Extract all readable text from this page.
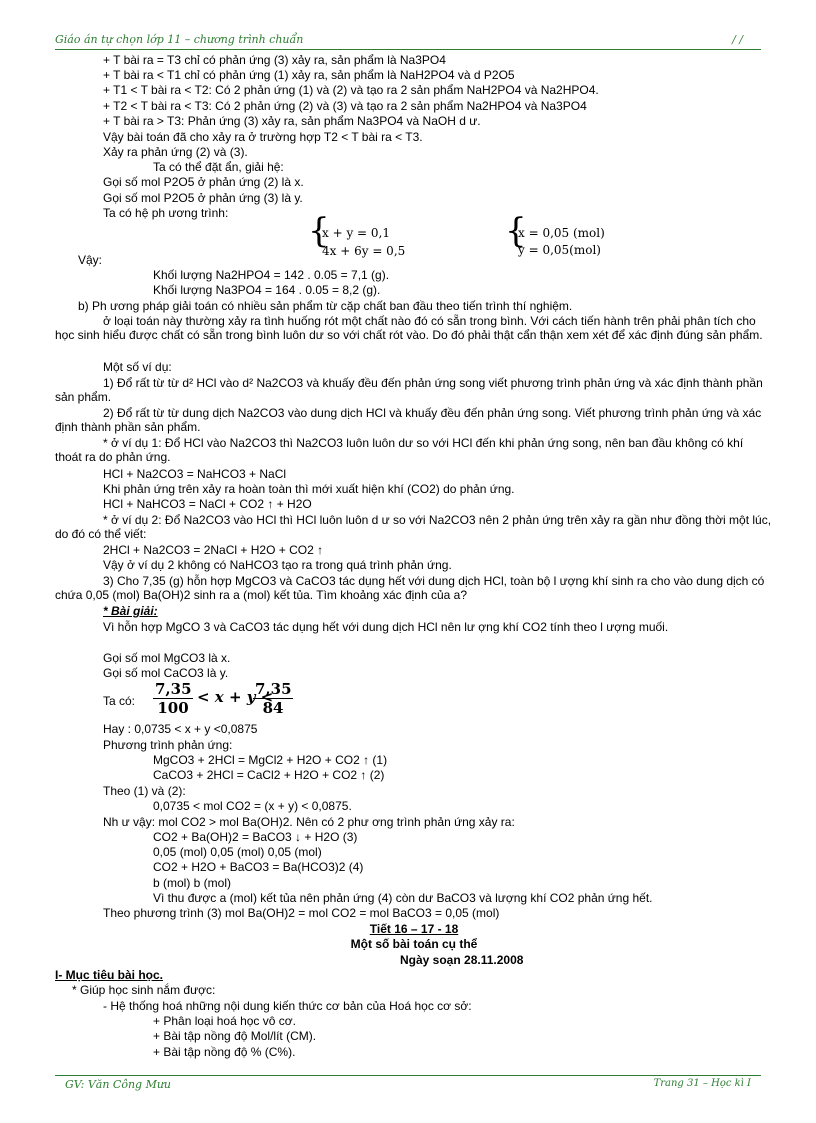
Giáo án tự chọn lớp 11 – chương trình chuẩn	/ /
+ T bài ra = T3 chỉ có phản ứng (3) xảy ra, sản phẩm là Na3PO4
+ T bài ra < T1 chỉ có phản ứng (1) xảy ra, sản phẩm là NaH2PO4 và d P2O5
+ T1 < T bài ra < T2: Có 2 phản ứng (1) và (2) và tạo ra 2 sản phẩm NaH2PO4 và Na2HPO4.
+ T2 < T bài ra < T3: Có 2 phản ứng (2) và (3) và tạo ra 2 sản phẩm Na2HPO4 và Na3PO4
+ T bài ra > T3: Phản ứng (3) xảy ra, sản phẩm Na3PO4 và NaOH d ư.
Vậy bài toán đã cho xảy ra ở trường hợp T2 < T bài ra < T3.
Xảy ra phản ứng (2) và (3).
Ta có thể đặt ẩn, giải hệ:
Gọi số mol P2O5 ở phản ứng (2) là x.
Gọi số mol P2O5 ở phản ứng (3) là y.
Ta có hệ ph ương trình: {
x + y = 0,1
4x + 6y = 0,5	{
x = 0,05 (mol)
y = 0,05(mol)
Vậy:
Khối lượng Na2HPO4 = 142 . 0.05 = 7,1 (g).
Khối lượng Na3PO4 = 164 . 0.05 = 8,2 (g).
b) Ph ương pháp giải toán có nhiều sản phẩm từ cặp chất ban đầu theo tiến trình thí nghiệm.
ở loại toán này thường xảy ra tình huống rót một chất nào đó có sẵn trong bình. Với cách tiến hành trên phải phân tích cho học sinh hiểu được chất có sẵn trong bình luôn dư so với chất rót vào. Do đó phải thật cẩn thận xem xét để xác định đúng sản phẩm.
Một số ví dụ:
1) Đổ rất từ từ d² HCl vào d² Na2CO3 và khuấy đều đến phản ứng song viết phương trình phản ứng và xác định thành phần sản phẩm.
2) Đổ rất từ từ dung dịch Na2CO3 vào dung dịch HCl và khuấy đều đến phản ứng song. Viết phương trình phản ứng và xác định thành phần sản phẩm.
* ở ví dụ 1: Đổ HCl vào Na2CO3 thì Na2CO3 luôn luôn dư so với HCl đến khi phản ứng song, nên ban đầu không có khí thoát ra do phản ứng.
HCl + Na2CO3 = NaHCO3 + NaCl
Khi phản ứng trên xảy ra hoàn toàn thì mới xuất hiện khí (CO2) do phản ứng.
HCl + NaHCO3 = NaCl + CO2 ↑ + H2O
* ở ví dụ 2: Đổ Na2CO3 vào HCl thì HCl luôn luôn d ư so với Na2CO3 nên 2 phản ứng trên xảy ra gần như đồng thời một lúc, do đó có thể viết:
2HCl + Na2CO3 = 2NaCl + H2O + CO2 ↑
Vậy ở ví dụ 2 không có NaHCO3 tạo ra trong quá trình phản ứng.
3) Cho 7,35 (g) hỗn hợp MgCO3 và CaCO3 tác dụng hết với dung dịch HCl, toàn bộ l ượng khí sinh ra cho vào dung dịch có chứa 0,05 (mol) Ba(OH)2 sinh ra a (mol) kết tủa. Tìm khoảng xác định của a?
* Bài giải:
Vì hỗn hợp MgCO 3 và CaCO3 tác dụng hết với dung dịch HCl nên lư ợng khí CO2 tính theo l ượng muối.
Gọi số mol MgCO3 là x.
Gọi số mol CaCO3 là y.
Ta có: $\frac{7,35}{100} < x + y$ <
$\frac{7,35}{84}$
Hay : 0,0735 < x + y <0,0875
Phương trình phản ứng:
MgCO3 + 2HCl = MgCl2 + H2O + CO2 ↑ (1)
CaCO3 + 2HCl = CaCl2 + H2O + CO2 ↑ (2)
Theo (1) và (2):
0,0735 < mol CO2 = (x + y) < 0,0875.
Nh ư vậy: mol CO2 > mol Ba(OH)2. Nên có 2 phư ơng trình phản ứng xảy ra:
CO2 + Ba(OH)2 = BaCO3 ↓ + H2O (3)
0,05 (mol) 0,05 (mol) 0,05 (mol)
CO2 + H2O + BaCO3 = Ba(HCO3)2 (4)
b (mol) b (mol)
Vì thu được a (mol) kết tủa nên phản ứng (4) còn dư BaCO3 và lượng khí CO2 phản ứng hết.
Theo phương trình (3) mol Ba(OH)2 = mol CO2 = mol BaCO3 = 0,05 (mol)
Tiết 16 – 17 - 18
Một số bài toán cụ thể
Ngày soạn 28.11.2008
I- Mục tiêu bài học.
* Giúp học sinh nắm được:
- Hệ thống hoá những nội dung kiến thức cơ bản của Hoá học cơ sở:
+ Phân loại hoá học vô cơ.
+ Bài tập nồng độ Mol/lít (CM).
+ Bài tập nồng độ % (C%).
GV: Văn Công Mưu	Trang 31 – Học kì I
